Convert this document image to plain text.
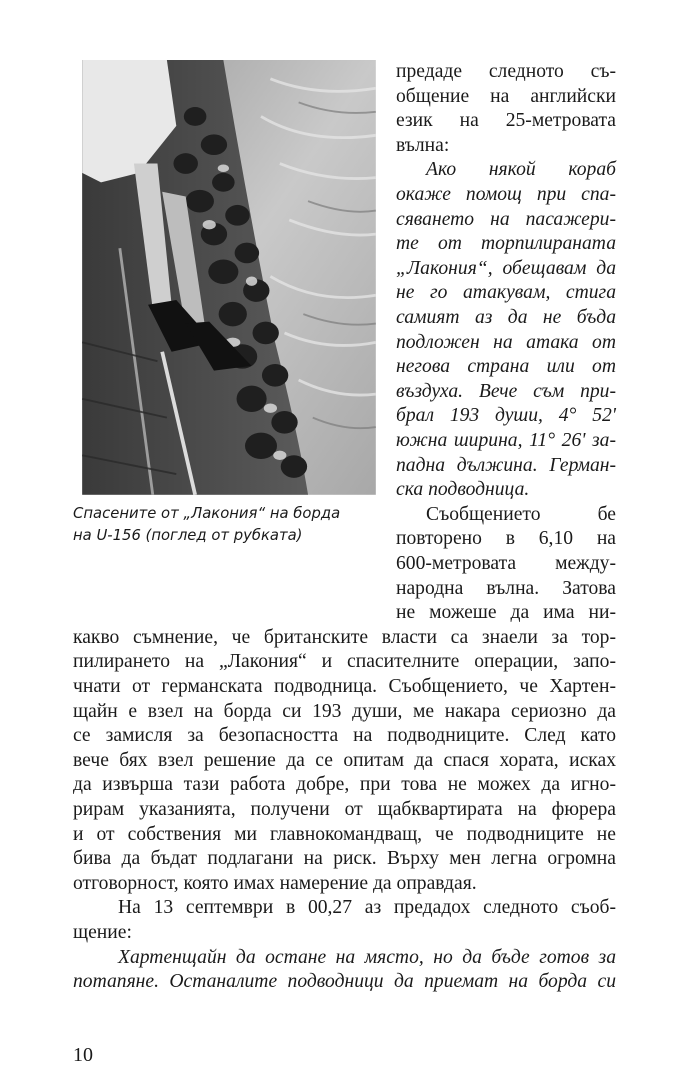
Спасените от „Лакония“ на борда
на U-156 (поглед от рубката)
предаде следното съ-
общение на английски
език на 25-метровата
вълна:
Ако някой кораб
окаже помощ при спа-
сяването на пасажери-
те от торпилираната
„Лакония“, обещавам да
не го атакувам, стига
самият аз да не бъда
подложен на атака от
негова страна или от
въздуха. Вече съм при-
брал 193 души, 4° 52'
южна ширина, 11° 26' за-
падна дължина. Герман-
ска подводница.
Съобщението бе
повторено в 6,10 на
600-метровата между-
народна вълна. Затова
не можеше да има ни-
какво съмнение, че британските власти са знаели за тор-
пилирането на „Лакония“ и спасителните операции, запо-
чнати от германската подводница. Съобщението, че Хартен-
щайн е взел на борда си 193 души, ме накара сериозно да
се замисля за безопасността на подводниците. След като
вече бях взел решение да се опитам да спася хората, исках
да извърша тази работа добре, при това не можех да игно-
рирам указанията, получени от щабквартирата на фюрера
и от собствения ми главнокомандващ, че подводниците не
бива да бъдат подлагани на риск. Върху мен легна огромна
отговорност, която имах намерение да оправдая.
На 13 септември в 00,27 аз предадох следното съоб-
щение:
Хартенщайн да остане на място, но да бъде готов за
потапяне. Останалите подводници да приемат на борда си
10
